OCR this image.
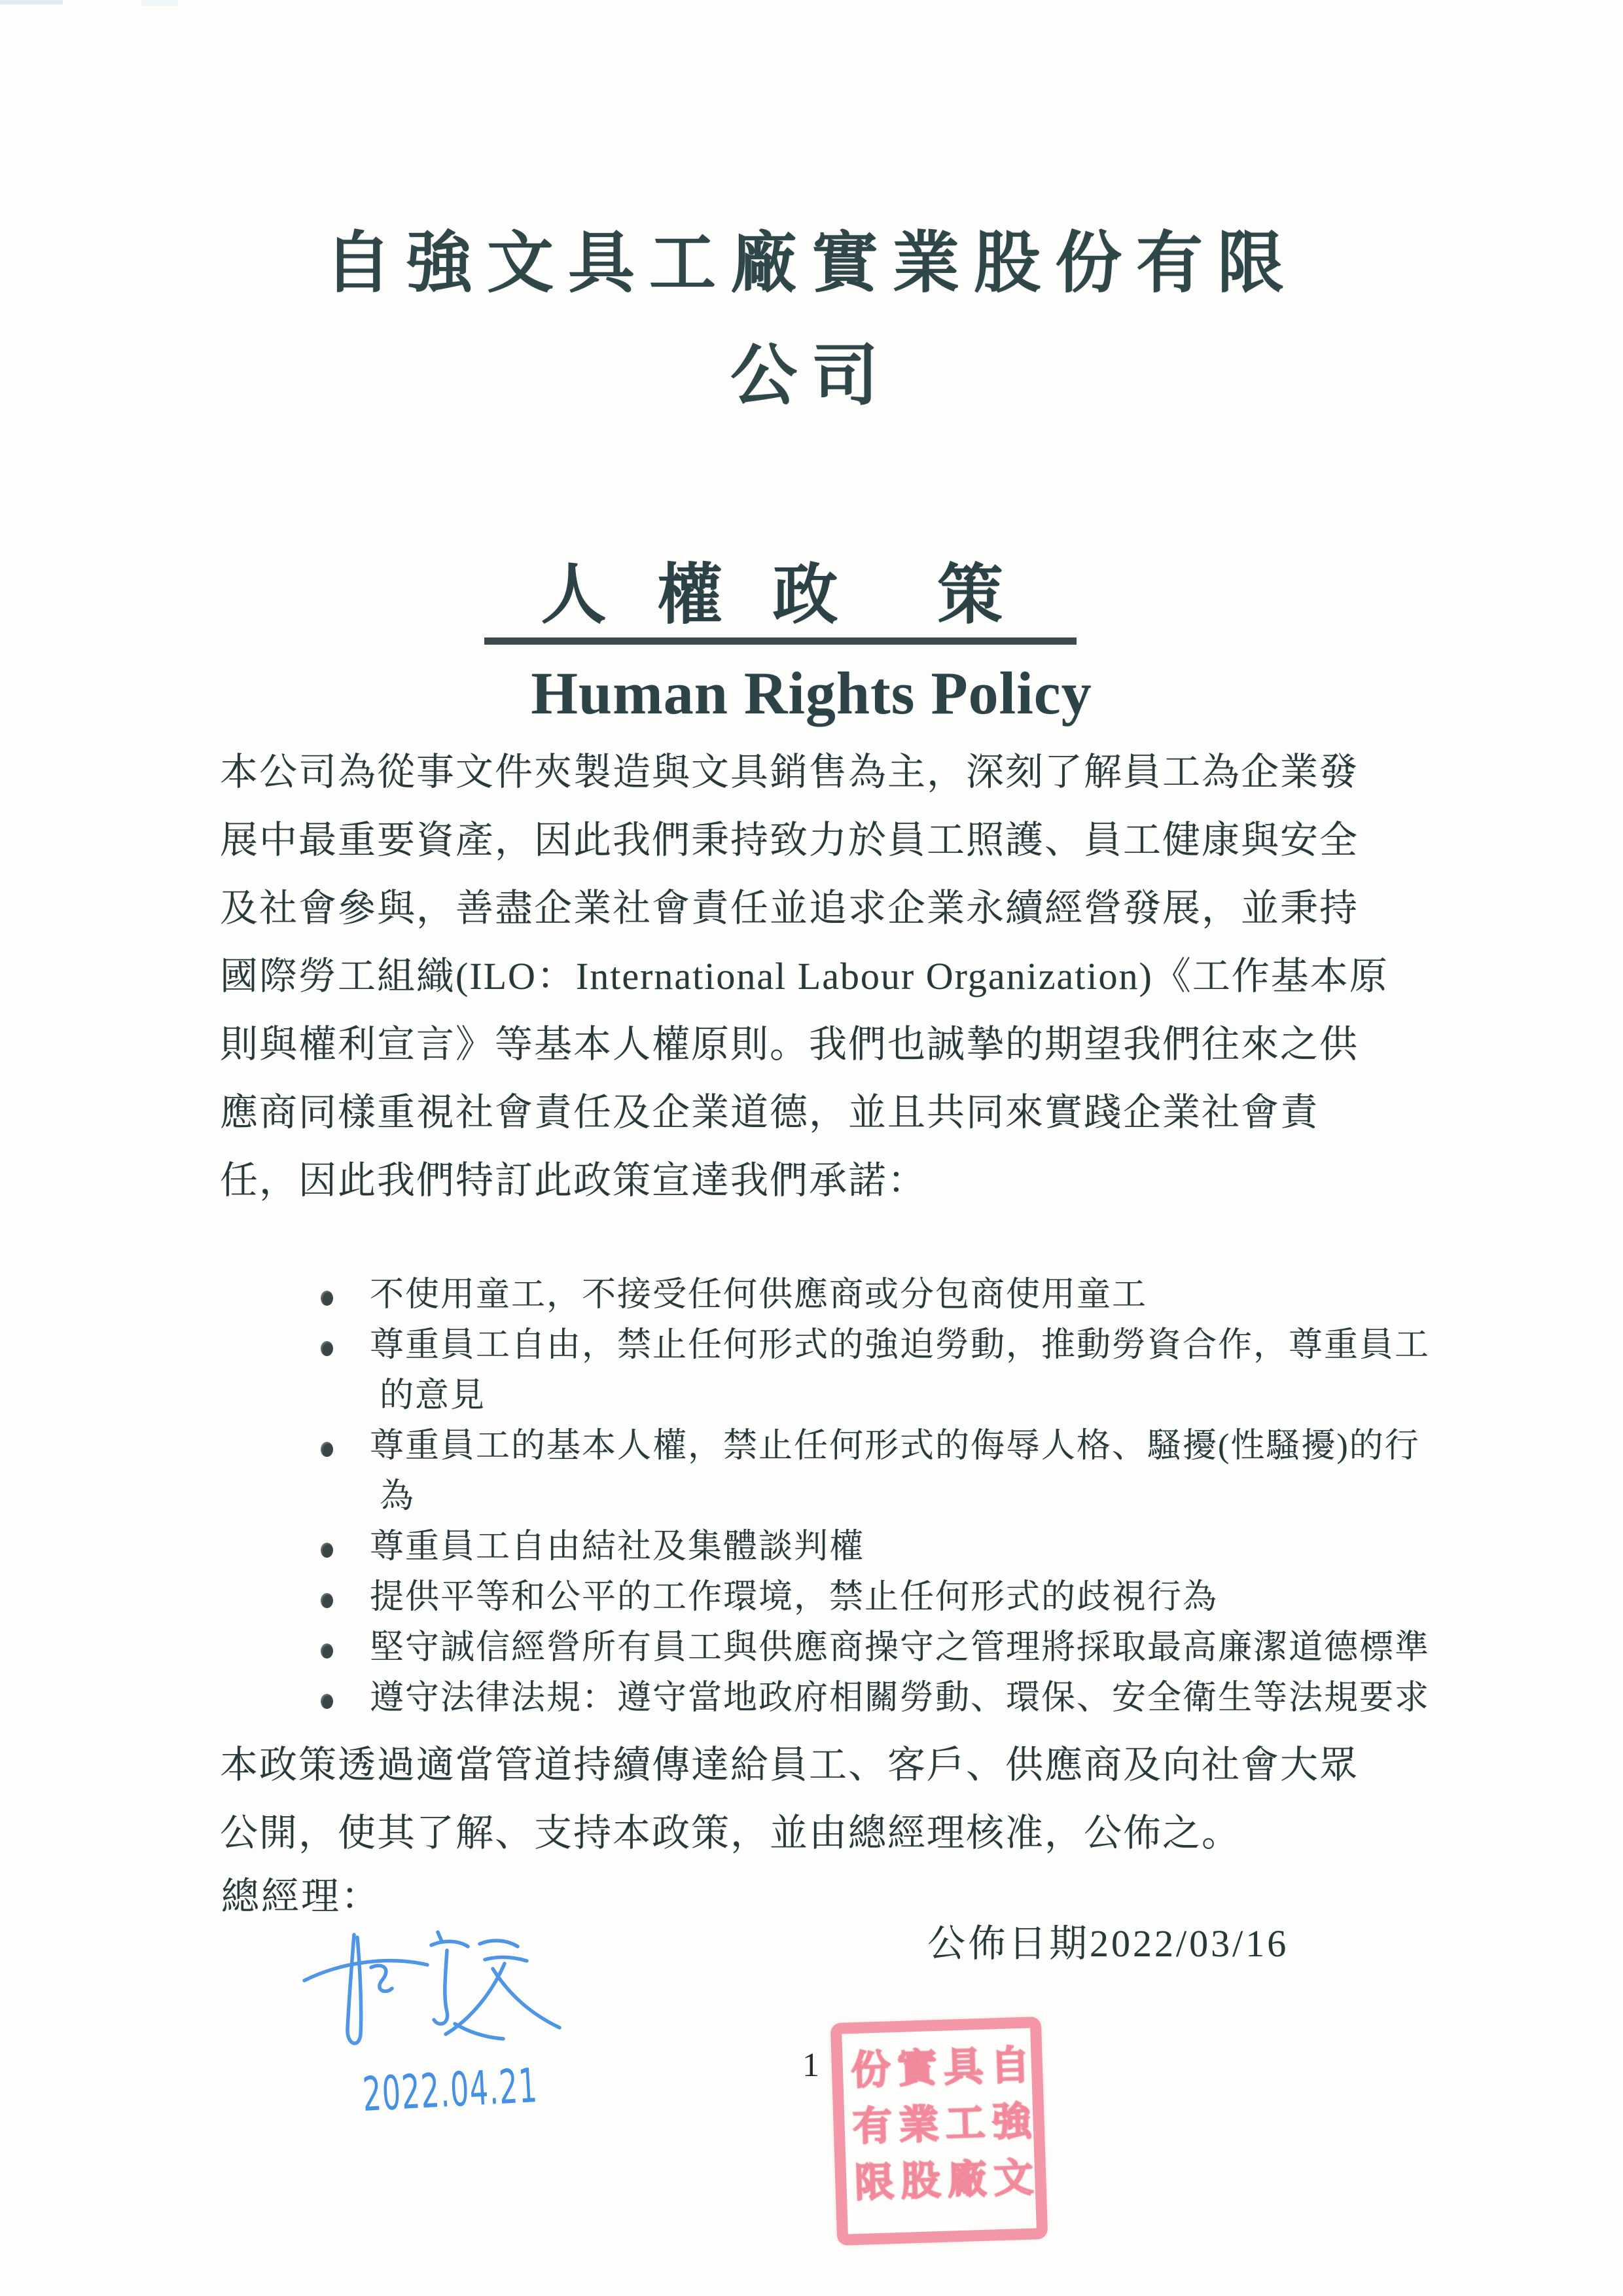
自強文具工廠實業股份有限
公司
人 權 政　策
Human Rights Policy
本公司為從事文件夾製造與文具銷售為主，深刻了解員工為企業發
展中最重要資產，因此我們秉持致力於員工照護、員工健康與安全
及社會參與，善盡企業社會責任並追求企業永續經營發展，並秉持
國際勞工組織(ILO：International Labour Organization)《工作基本原
則與權利宣言》等基本人權原則。我們也誠摯的期望我們往來之供
應商同樣重視社會責任及企業道德，並且共同來實踐企業社會責
任，因此我們特訂此政策宣達我們承諾：
不使用童工，不接受任何供應商或分包商使用童工
尊重員工自由，禁止任何形式的強迫勞動，推動勞資合作，尊重員工
的意見
尊重員工的基本人權，禁止任何形式的侮辱人格、騷擾(性騷擾)的行
為
尊重員工自由結社及集體談判權
提供平等和公平的工作環境，禁止任何形式的歧視行為
堅守誠信經營所有員工與供應商操守之管理將採取最高廉潔道德標準
遵守法律法規：遵守當地政府相關勞動、環保、安全衛生等法規要求
本政策透過適當管道持續傳達給員工、客戶、供應商及向社會大眾
公開，使其了解、支持本政策，並由總經理核准，公佈之。
總經理：
公佈日期2022/03/16
2022.04.21	1	自強文
具工廠
實業股
份有限
